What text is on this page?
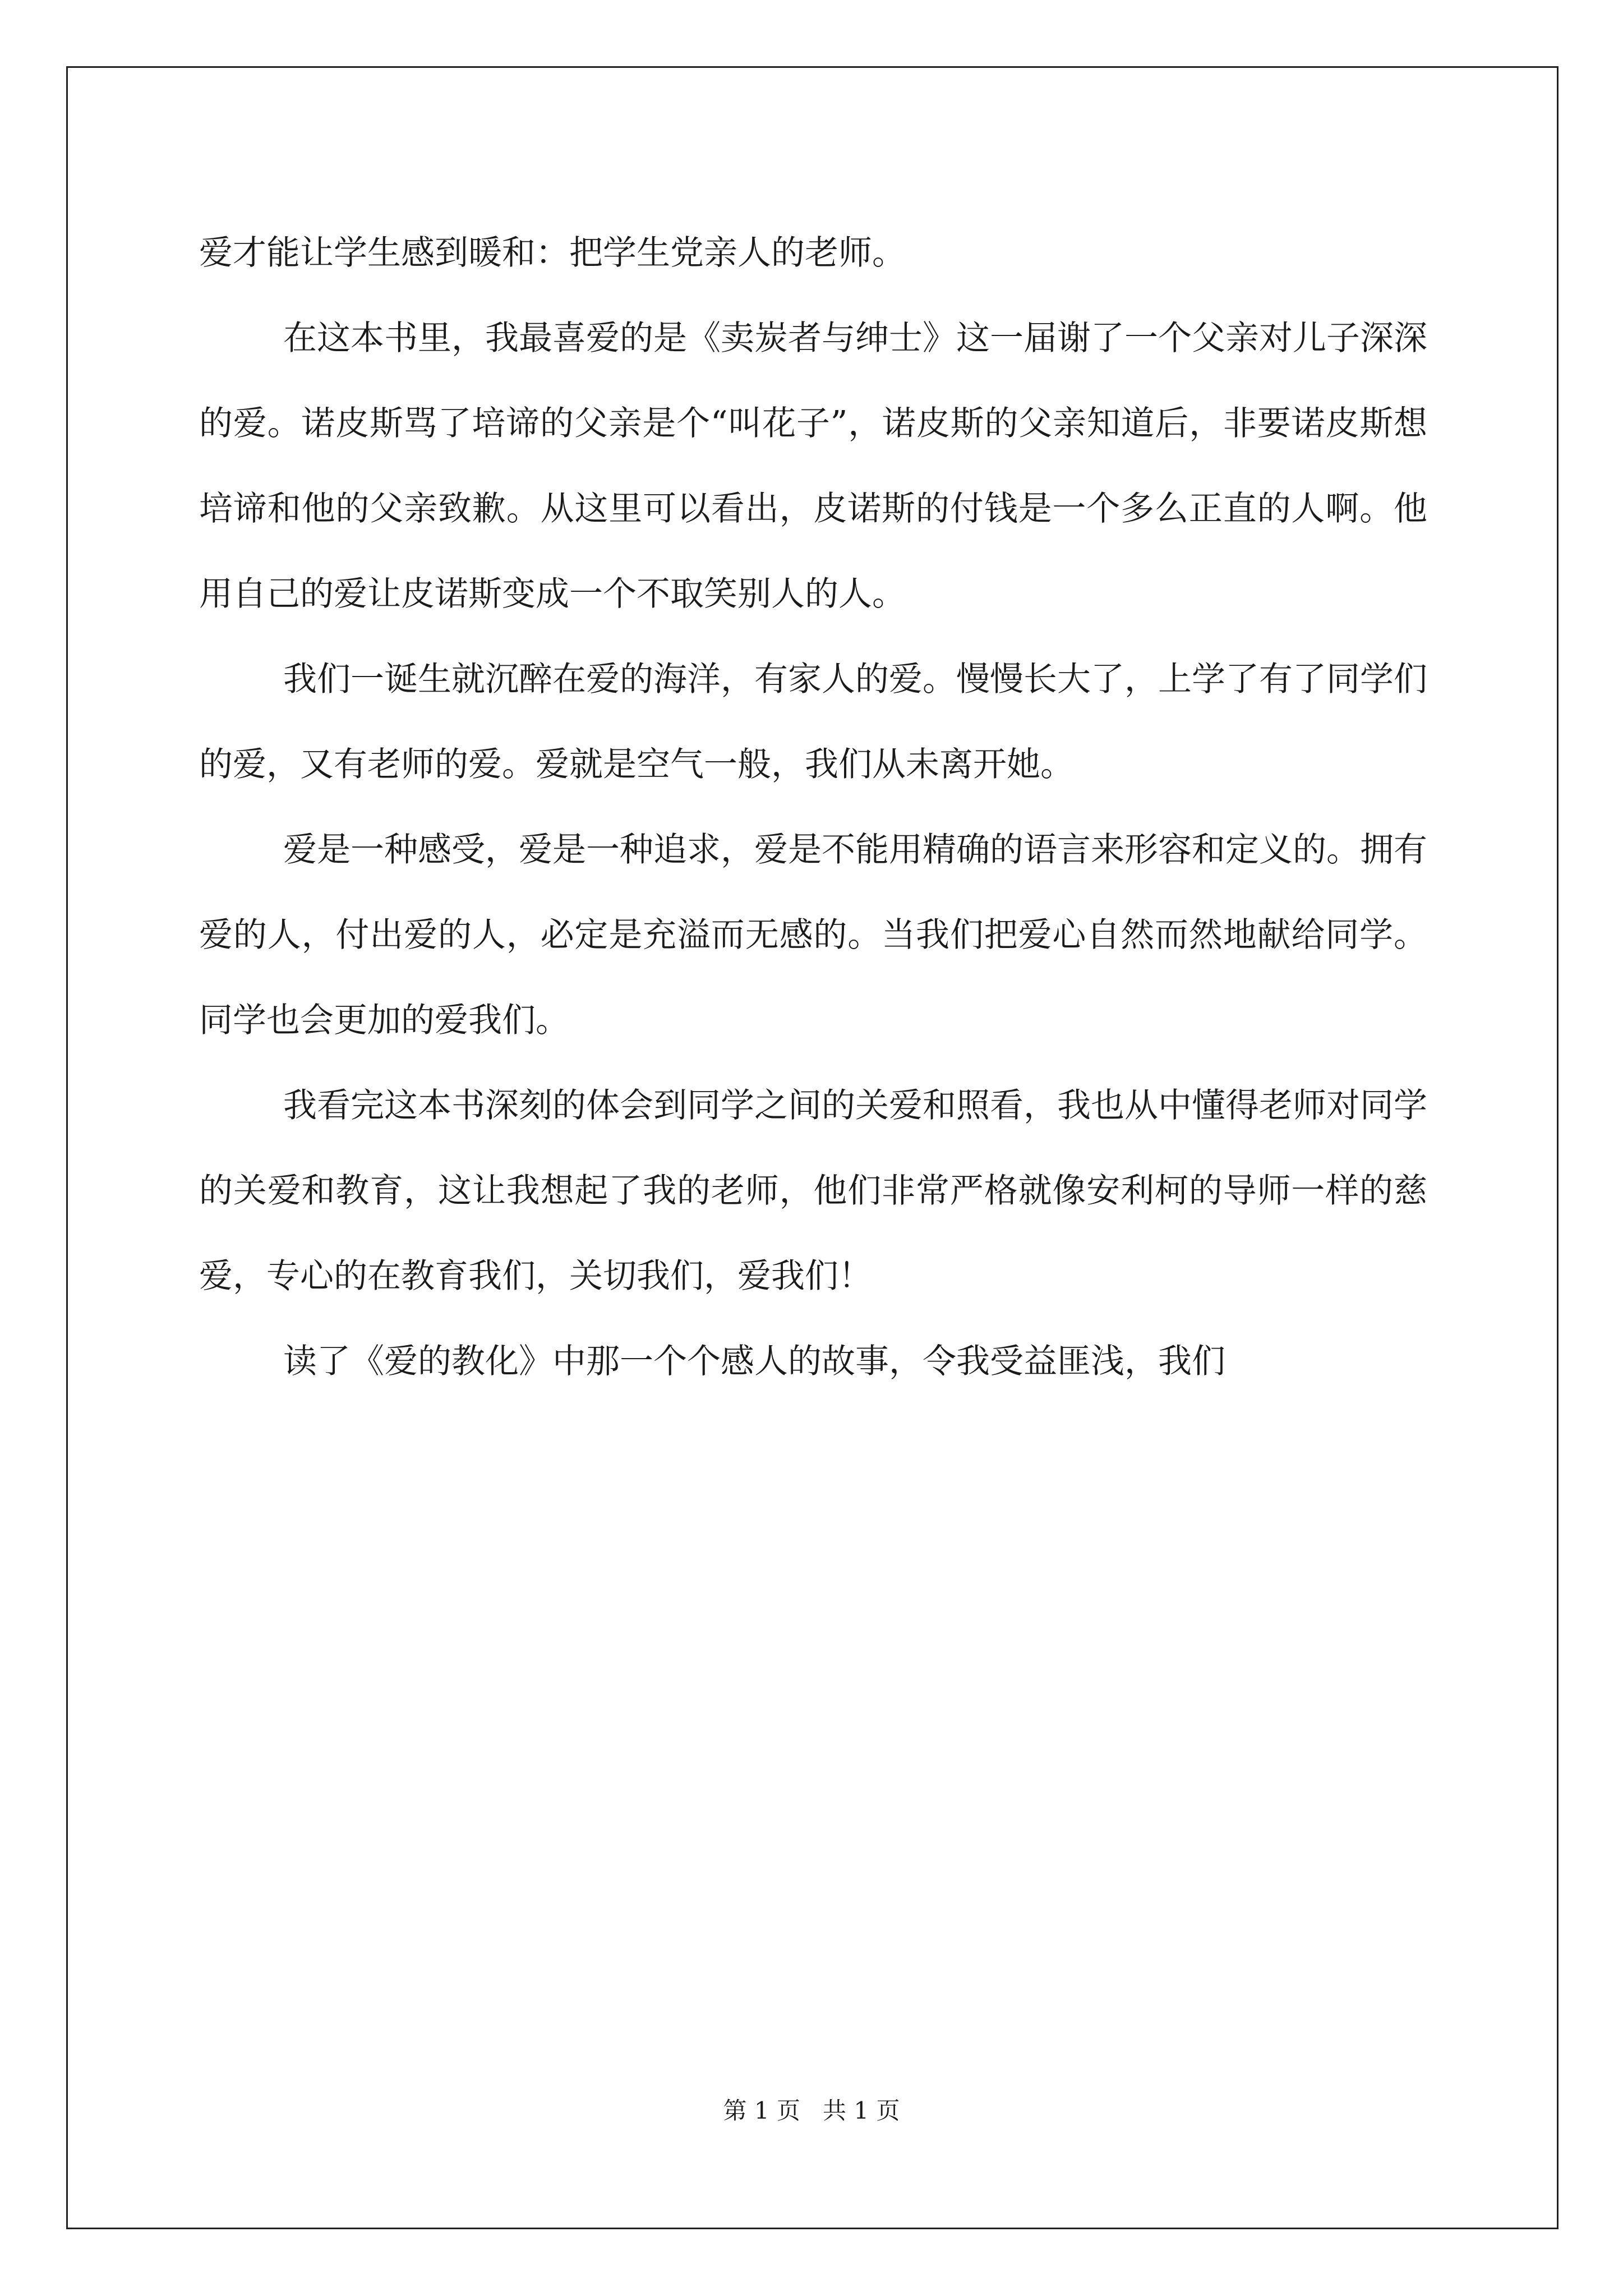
爱才能让学生感到暖和：把学生党亲人的老师。

在这本书里，我最喜爱的是《卖炭者与绅士》这一届谢了一个父亲对儿子深深的爱。诺皮斯骂了培谛的父亲是个“叫花子”，诺皮斯的父亲知道后，非要诺皮斯想培谛和他的父亲致歉。从这里可以看出，皮诺斯的付钱是一个多么正直的人啊。他用自己的爱让皮诺斯变成一个不取笑别人的人。

我们一诞生就沉醉在爱的海洋，有家人的爱。慢慢长大了，上学了有了同学们的爱，又有老师的爱。爱就是空气一般，我们从未离开她。

爱是一种感受，爱是一种追求，爱是不能用精确的语言来形容和定义的。拥有爱的人，付出爱的人，必定是充溢而无感的。当我们把爱心自然而然地献给同学。同学也会更加的爱我们。

我看完这本书深刻的体会到同学之间的关爱和照看，我也从中懂得老师对同学的关爱和教育，这让我想起了我的老师，他们非常严格就像安利柯的导师一样的慈爱，专心的在教育我们，关切我们，爱我们！

读了《爱的教化》中那一个个感人的故事，令我受益匪浅，我们

第 1 页   共 1 页
